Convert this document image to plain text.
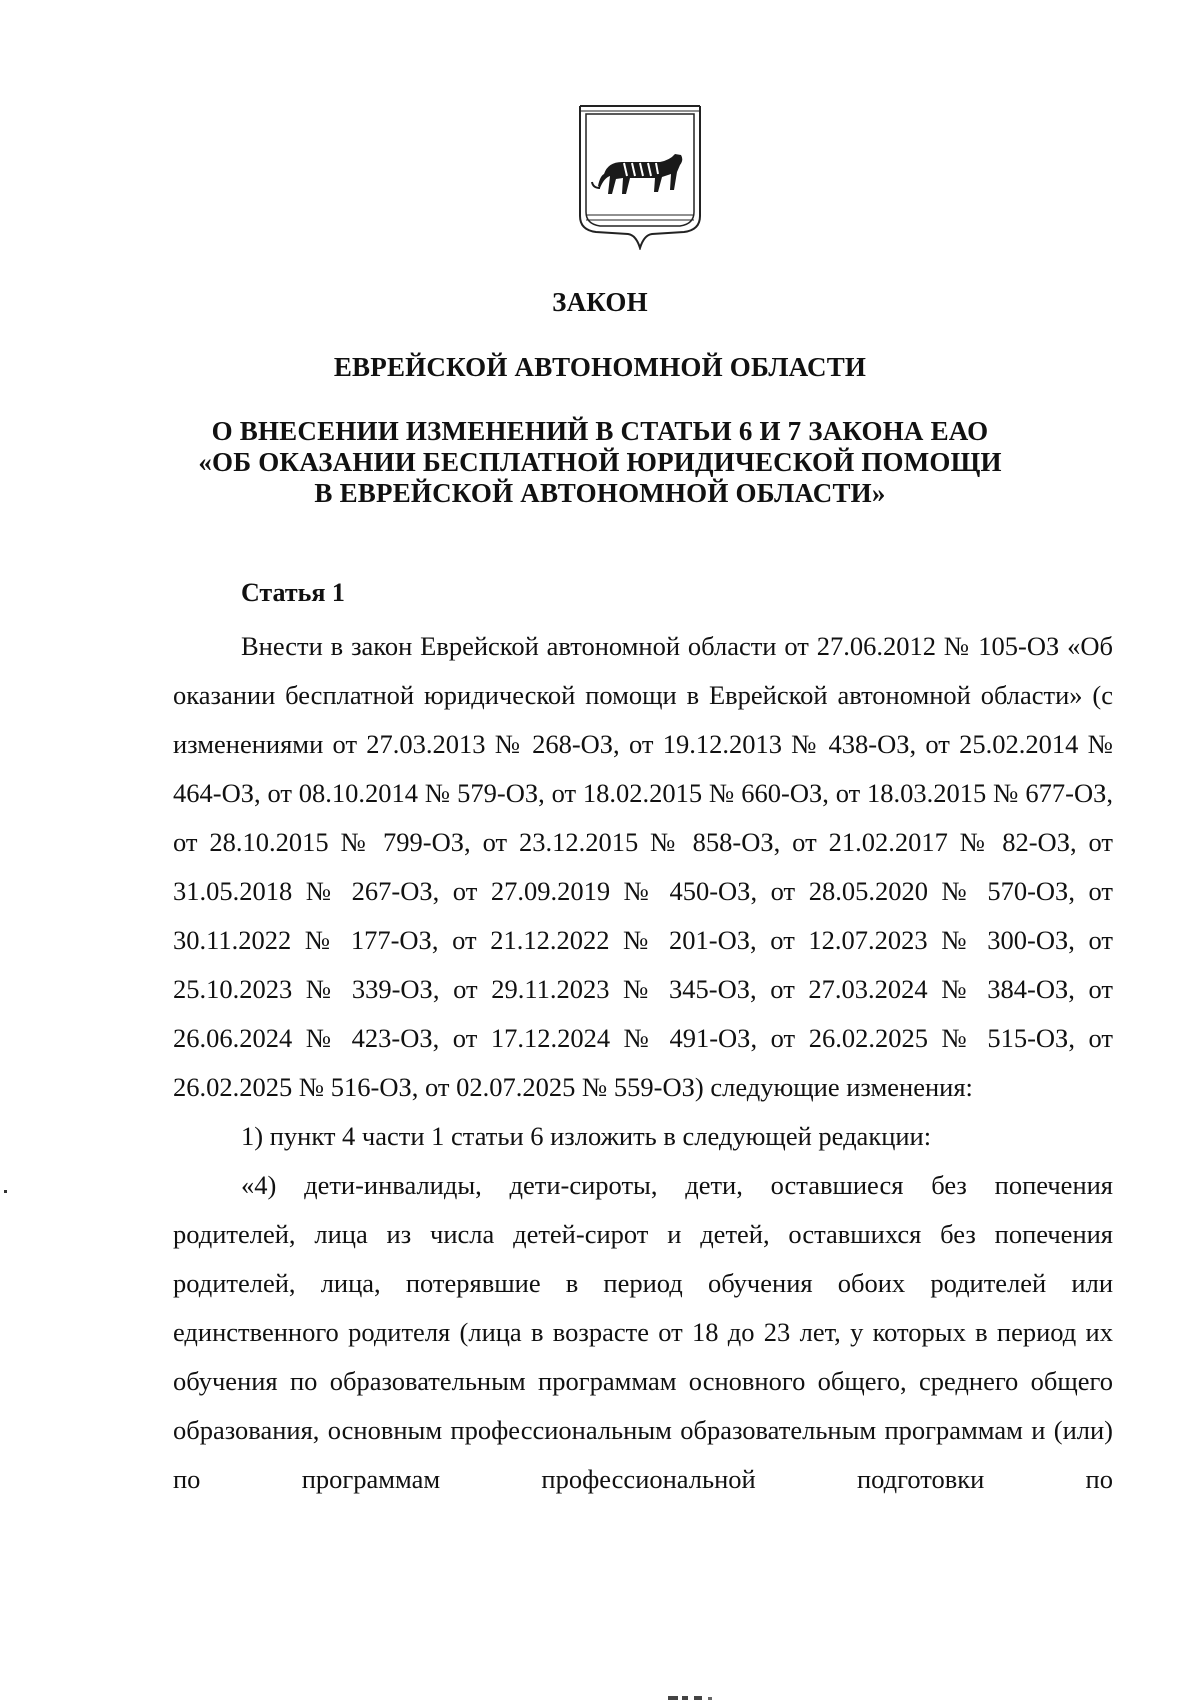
ЗАКОН
ЕВРЕЙСКОЙ АВТОНОМНОЙ ОБЛАСТИ
О ВНЕСЕНИИ ИЗМЕНЕНИЙ В СТАТЬИ 6 И 7 ЗАКОНА ЕАО
«ОБ ОКАЗАНИИ БЕСПЛАТНОЙ ЮРИДИЧЕСКОЙ ПОМОЩИ
В ЕВРЕЙСКОЙ АВТОНОМНОЙ ОБЛАСТИ»
Статья 1

Внести в закон Еврейской автономной области от 27.06.2012 № 105-ОЗ «Об оказании бесплатной юридической помощи в Еврейской автономной области» (с изменениями от 27.03.2013 № 268-ОЗ, от 19.12.2013 № 438-ОЗ, от 25.02.2014 № 464-ОЗ, от 08.10.2014 № 579-ОЗ, от 18.02.2015 № 660-ОЗ, от 18.03.2015 № 677-ОЗ, от 28.10.2015 № 799-ОЗ, от 23.12.2015 № 858-ОЗ, от 21.02.2017 № 82-ОЗ, от 31.05.2018 № 267-ОЗ, от 27.09.2019 № 450-ОЗ, от 28.05.2020 № 570-ОЗ, от 30.11.2022 № 177-ОЗ, от 21.12.2022 № 201-ОЗ, от 12.07.2023 № 300-ОЗ, от 25.10.2023 № 339-ОЗ, от 29.11.2023 № 345-ОЗ, от 27.03.2024 № 384-ОЗ, от 26.06.2024 № 423-ОЗ, от 17.12.2024 № 491-ОЗ, от 26.02.2025 № 515-ОЗ, от 26.02.2025 № 516-ОЗ, от 02.07.2025 № 559-ОЗ) следующие изменения:

1) пункт 4 части 1 статьи 6 изложить в следующей редакции:

«4) дети-инвалиды, дети-сироты, дети, оставшиеся без попечения родителей, лица из числа детей-сирот и детей, оставшихся без попечения родителей, лица, потерявшие в период обучения обоих родителей или единственного родителя (лица в возрасте от 18 до 23 лет, у которых в период их обучения по образовательным программам основного общего, среднего общего образования, основным профессиональным образовательным программам и (или) по программам профессиональной подготовки по
